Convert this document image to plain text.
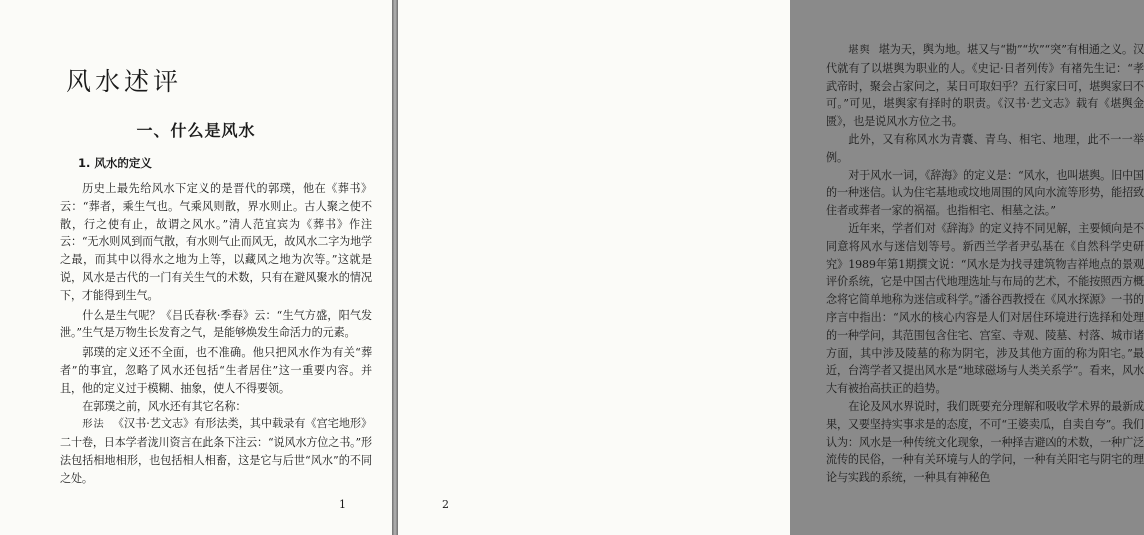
风水述评
一、什么是风水
1. 风水的定义

历史上最先给风水下定义的是晋代的郭璞，他在《葬书》云：“葬者，乘生气也。气乘风则散，界水则止。古人聚之使不散，行之使有止，故谓之风水。”清人范宜宾为《葬书》作注云：“无水则风到而气散，有水则气止而风无，故风水二字为地学之最，而其中以得水之地为上等，以藏风之地为次等。”这就是说，风水是古代的一门有关生气的术数，只有在避风聚水的情况下，才能得到生气。

什么是生气呢？《吕氏春秋·季春》云：“生气方盛，阳气发泄。”生气是万物生长发育之气，是能够焕发生命活力的元素。

郭璞的定义还不全面，也不准确。他只把风水作为有关“葬者”的事宜，忽略了风水还包括“生者居住”这一重要内容。并且，他的定义过于模糊、抽象，使人不得要领。

在郭璞之前，风水还有其它名称：

形法 《汉书·艺文志》有形法类，其中载录有《宫宅地形》二十卷，日本学者泷川资言在此条下注云：“说风水方位之书。”形法包括相地相形，也包括相人相畜，这是它与后世“风水”的不同之处。

1

堪舆 堪为天，舆为地。堪又与“勘”“坎”“突”有相通之义。汉代就有了以堪舆为职业的人。《史记·日者列传》有褚先生记：“孝武帝时，聚会占家问之，某日可取妇乎？五行家曰可，堪舆家曰不可。”可见，堪舆家有择时的职责。《汉书·艺文志》载有《堪舆金匮》，也是说风水方位之书。

此外，又有称风水为青囊、青乌、相宅、地理，此不一一举例。

对于风水一词，《辞海》的定义是：“风水，也叫堪舆。旧中国的一种迷信。认为住宅基地或坟地周围的风向水流等形势，能招致住者或葬者一家的祸福。也指相宅、相墓之法。”

近年来，学者们对《辞海》的定义持不同见解，主要倾向是不同意将风水与迷信划等号。新西兰学者尹弘基在《自然科学史研究》1989年第1期撰文说：“风水是为找寻建筑物吉祥地点的景观评价系统，它是中国古代地理选址与布局的艺术，不能按照西方概念将它简单地称为迷信或科学。”潘谷西教授在《风水探源》一书的序言中指出：“风水的核心内容是人们对居住环境进行选择和处理的一种学问，其范围包含住宅、宫室、寺观、陵墓、村落、城市诸方面，其中涉及陵墓的称为阴宅，涉及其他方面的称为阳宅。”最近，台湾学者又提出风水是“地球磁场与人类关系学”。看来，风水大有被抬高扶正的趋势。

在论及风水界说时，我们既要充分理解和吸收学术界的最新成果，又要坚持实事求是的态度，不可“王婆卖瓜，自卖自夸”。我们认为：风水是一种传统文化现象，一种择吉避凶的术数，一种广泛流传的民俗，一种有关环境与人的学问，一种有关阳宅与阴宅的理论与实践的系统，一种具有神秘色

2
